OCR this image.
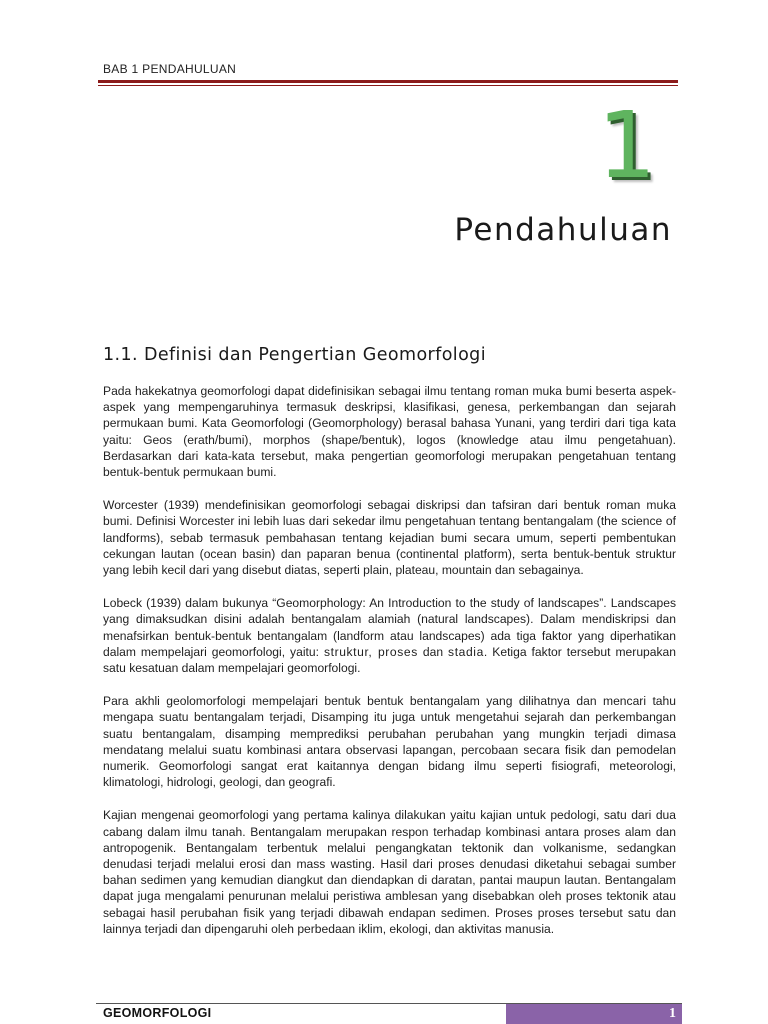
BAB 1 PENDAHULUAN
1
Pendahuluan
1.1. Definisi dan Pengertian Geomorfologi

Pada hakekatnya geomorfologi dapat didefinisikan sebagai ilmu tentang roman muka bumi beserta aspek-aspek yang mempengaruhinya termasuk deskripsi, klasifikasi, genesa, perkembangan dan sejarah permukaan bumi. Kata Geomorfologi (Geomorphology) berasal bahasa Yunani, yang terdiri dari tiga kata yaitu: Geos (erath/bumi), morphos (shape/bentuk), logos (knowledge atau ilmu pengetahuan). Berdasarkan dari kata-kata tersebut, maka pengertian geomorfologi merupakan pengetahuan tentang bentuk-bentuk permukaan bumi.

Worcester (1939) mendefinisikan geomorfologi sebagai diskripsi dan tafsiran dari bentuk roman muka bumi. Definisi Worcester ini lebih luas dari sekedar ilmu pengetahuan tentang bentangalam (the science of landforms), sebab termasuk pembahasan tentang kejadian bumi secara umum, seperti pembentukan cekungan lautan (ocean basin) dan paparan benua (continental platform), serta bentuk-bentuk struktur yang lebih kecil dari yang disebut diatas, seperti plain, plateau, mountain dan sebagainya.

Lobeck (1939) dalam bukunya “Geomorphology: An Introduction to the study of landscapes”. Landscapes yang dimaksudkan disini adalah bentangalam alamiah (natural landscapes). Dalam mendiskripsi dan menafsirkan bentuk-bentuk bentangalam (landform atau landscapes) ada tiga faktor yang diperhatikan dalam mempelajari geomorfologi, yaitu: struktur, proses dan stadia. Ketiga faktor tersebut merupakan satu kesatuan dalam mempelajari geomorfologi.

Para akhli geolomorfologi mempelajari bentuk bentuk bentangalam yang dilihatnya dan mencari tahu mengapa suatu bentangalam terjadi, Disamping itu juga untuk mengetahui sejarah dan perkembangan suatu bentangalam, disamping memprediksi perubahan perubahan yang mungkin terjadi dimasa mendatang melalui suatu kombinasi antara observasi lapangan, percobaan secara fisik dan pemodelan numerik. Geomorfologi sangat erat kaitannya dengan bidang ilmu seperti fisiografi, meteorologi, klimatologi, hidrologi, geologi, dan geografi.

Kajian mengenai geomorfologi yang pertama kalinya dilakukan yaitu kajian untuk pedologi, satu dari dua cabang dalam ilmu tanah. Bentangalam merupakan respon terhadap kombinasi antara proses alam dan antropogenik. Bentangalam terbentuk melalui pengangkatan tektonik dan volkanisme, sedangkan denudasi terjadi melalui erosi dan mass wasting. Hasil dari proses denudasi diketahui sebagai sumber bahan sedimen yang kemudian diangkut dan diendapkan di daratan, pantai maupun lautan. Bentangalam dapat juga mengalami penurunan melalui peristiwa amblesan yang disebabkan oleh proses tektonik atau sebagai hasil perubahan fisik yang terjadi dibawah endapan sedimen. Proses proses tersebut satu dan lainnya terjadi dan dipengaruhi oleh perbedaan iklim, ekologi, dan aktivitas manusia.

GEOMORFOLOGI	1
